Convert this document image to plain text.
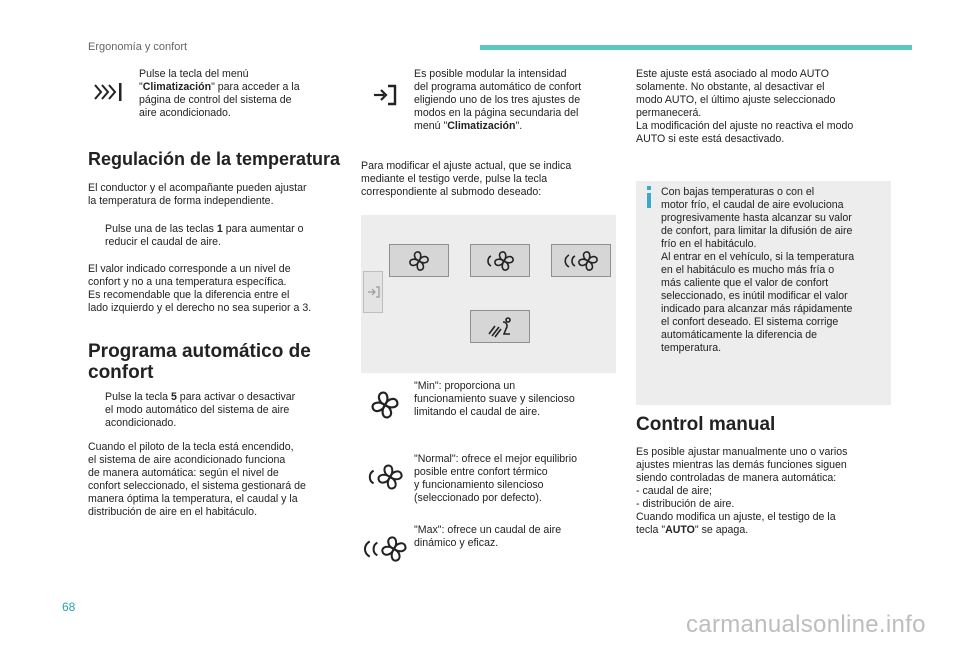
Ergonomía y confort
Pulse la tecla del menú
"Climatización" para acceder a la
página de control del sistema de
aire acondicionado.
Regulación de la temperatura
El conductor y el acompañante pueden ajustar
la temperatura de forma independiente.
Pulse una de las teclas 1 para aumentar o
reducir el caudal de aire.
El valor indicado corresponde a un nivel de
confort y no a una temperatura específica.
Es recomendable que la diferencia entre el
lado izquierdo y el derecho no sea superior a 3.
Programa automático de
confort
Pulse la tecla 5 para activar o desactivar
el modo automático del sistema de aire
acondicionado.
Cuando el piloto de la tecla está encendido,
el sistema de aire acondicionado funciona
de manera automática: según el nivel de
confort seleccionado, el sistema gestionará de
manera óptima la temperatura, el caudal y la
distribución de aire en el habitáculo.
Es posible modular la intensidad
del programa automático de confort
eligiendo uno de los tres ajustes de
modos en la página secundaria del
menú "Climatización".
Para modificar el ajuste actual, que se indica
mediante el testigo verde, pulse la tecla
correspondiente al submodo deseado:
"Min": proporciona un
funcionamiento suave y silencioso
limitando el caudal de aire.
"Normal": ofrece el mejor equilibrio
posible entre confort térmico
y funcionamiento silencioso
(seleccionado por defecto).
"Max": ofrece un caudal de aire
dinámico y eficaz.
Este ajuste está asociado al modo AUTO
solamente. No obstante, al desactivar el
modo AUTO, el último ajuste seleccionado
permanecerá.
La modificación del ajuste no reactiva el modo
AUTO si este está desactivado.
Con bajas temperaturas o con el
motor frío, el caudal de aire evoluciona
progresivamente hasta alcanzar su valor
de confort, para limitar la difusión de aire
frío en el habitáculo.
Al entrar en el vehículo, si la temperatura
en el habitáculo es mucho más fría o
más caliente que el valor de confort
seleccionado, es inútil modificar el valor
indicado para alcanzar más rápidamente
el confort deseado. El sistema corrige
automáticamente la diferencia de
temperatura.
Control manual
Es posible ajustar manualmente uno o varios
ajustes mientras las demás funciones siguen
siendo controladas de manera automática:
- caudal de aire;
- distribución de aire.
Cuando modifica un ajuste, el testigo de la
tecla "AUTO" se apaga.
68
carmanualsonline.info
